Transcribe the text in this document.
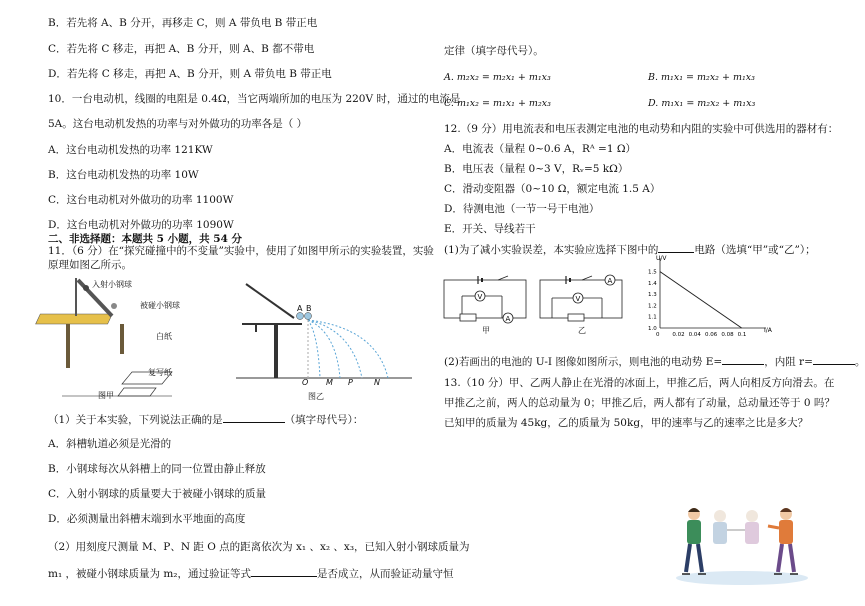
B．若先将 A、B 分开，再移走 C，则 A 带负电 B 带正电
C．若先将 C 移走，再把 A、B 分开，则 A、B 都不带电
D．若先将 C 移走，再把 A、B 分开，则 A 带负电 B 带正电
10．一台电动机，线圈的电阻是 0.4Ω，当它两端所加的电压为 220V 时，通过的电流是
5A。这台电动机发热的功率与对外做功的功率各是（ ）
A．这台电动机发热的功率 121KW
B．这台电动机发热的功率 10W
C．这台电动机对外做功的功率 1100W
D．这台电动机对外做功的功率 1090W
二、非选择题：本题共 5 小题，共 54 分
11．（6 分）在“探究碰撞中的不变量”实验中，使用了如图甲所示的实验装置，实验
原理如图乙所示。
入射小钢球
被碰小钢球
白纸
复写纸
图甲
A B
O M P	N
图乙
（1）关于本实验，下列说法正确的是	（填字母代号）：
A．斜槽轨道必须是光滑的
B．小钢球每次从斜槽上的同一位置由静止释放
C．入射小钢球的质量要大于被碰小钢球的质量
D．必须测量出斜槽末端到水平地面的高度
（2）用刻度尺测量 M、P、N 距 O 点的距离依次为 x₁ 、x₂ 、x₃，已知入射小钢球质量为
m₁ ，被碰小钢球质量为 m₂，通过验证等式	是否成立，从而验证动量守恒
定律（填字母代号）。
A. m₂x₂ = m₂x₁ + m₁x₃	B. m₁x₁ = m₂x₂ + m₁x₃
C. m₁x₂ = m₁x₁ + m₂x₃	D. m₁x₁ = m₂x₂ + m₁x₃
12.（9 分）用电流表和电压表测定电池的电动势和内阻的实验中可供选用的器材有：
A．电流表（量程 0~0.6 A，Rᴬ =1 Ω）
B．电压表（量程 0~3 V，Rᵥ=5 kΩ）
C．滑动变阻器（0~10 Ω，额定电流 1.5 A）
D．待测电池（一节一号干电池）
E．开关、导线若干
(1)为了减小实验误差，本实验应选择下图中的	电路（选填“甲”或“乙”）；
V
A
甲
A
V
乙	0 0.02 0.04 0.06 0.08 0.1
1.0
1.1
1.2
1.3
1.4
1.5
I/A
U/V
(2)若画出的电池的 U-I 图像如图所示，则电池的电动势 E=	，内阻 r=	。
13.（10 分）甲、乙两人静止在光滑的冰面上，甲推乙后，两人向相反方向滑去。在
甲推乙之前，两人的总动量为 0；甲推乙后，两人都有了动量，总动量还等于 0 吗？
已知甲的质量为 45kg，乙的质量为 50kg，甲的速率与乙的速率之比是多大？
